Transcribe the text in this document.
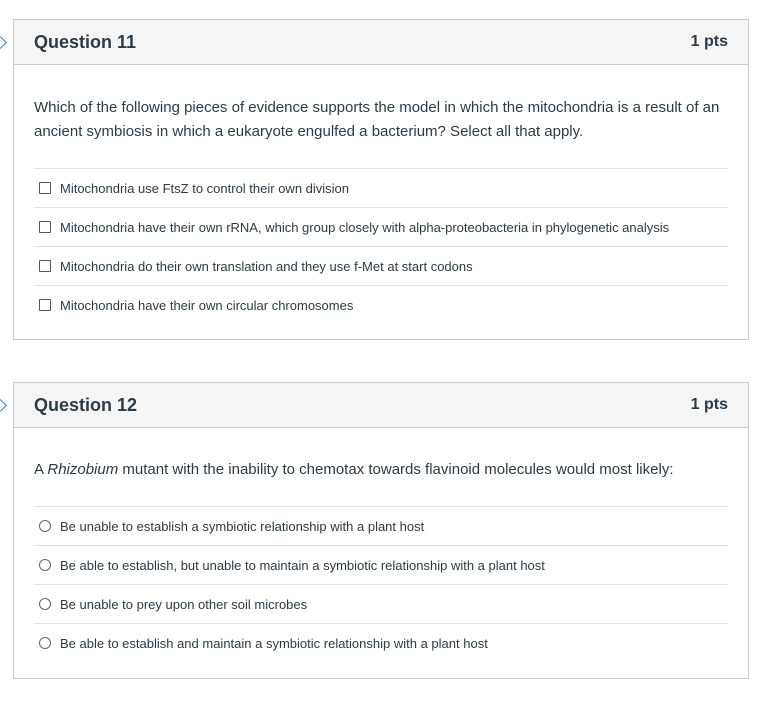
Question 11	1 pts

Which of the following pieces of evidence supports the model in which the mitochondria is a result of an ancient symbiosis in which a eukaryote engulfed a bacterium? Select all that apply.

Mitochondria use FtsZ to control their own division
Mitochondria have their own rRNA, which group closely with alpha-proteobacteria in phylogenetic analysis
Mitochondria do their own translation and they use f-Met at start codons
Mitochondria have their own circular chromosomes
Question 12	1 pts

A Rhizobium mutant with the inability to chemotax towards flavinoid molecules would most likely:

Be unable to establish a symbiotic relationship with a plant host
Be able to establish, but unable to maintain a symbiotic relationship with a plant host
Be unable to prey upon other soil microbes
Be able to establish and maintain a symbiotic relationship with a plant host
